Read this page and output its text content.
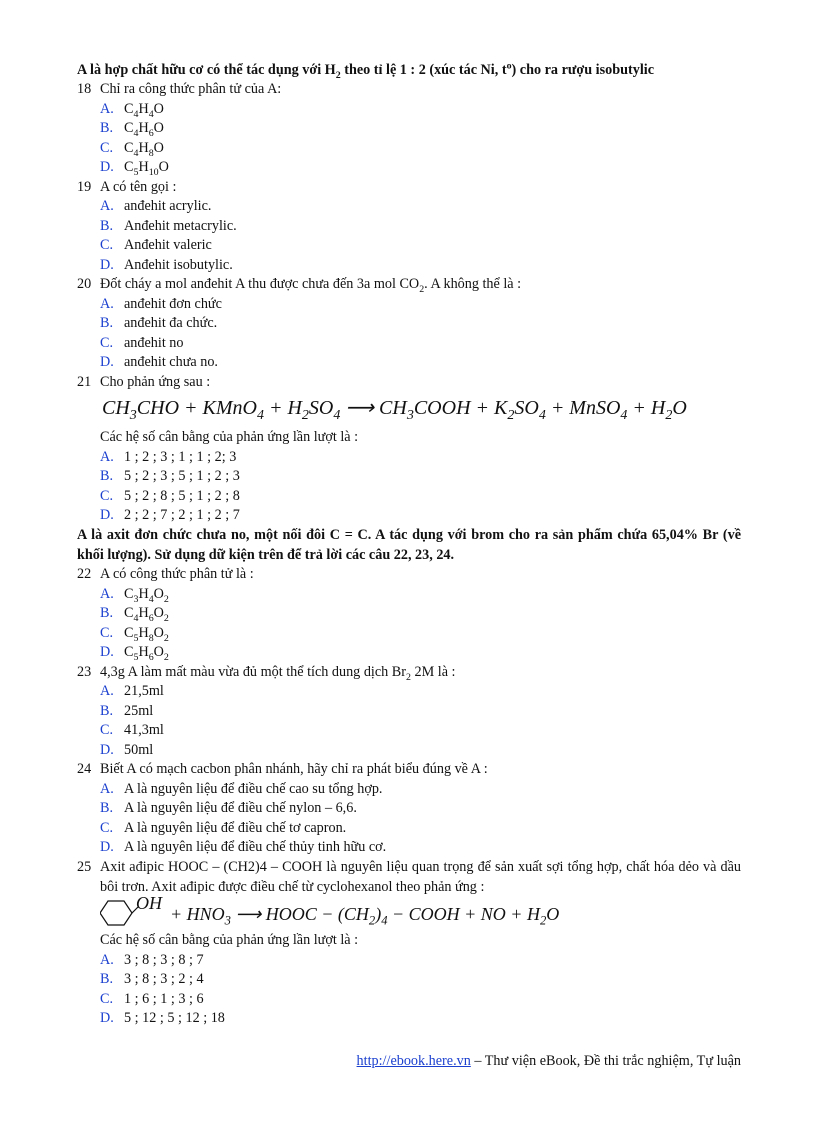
A là hợp chất hữu cơ có thể tác dụng với $H_2$ theo tỉ lệ 1 : 2 (xúc tác Ni, $t^o$) cho ra rượu isobutylic
18 Chỉ ra công thức phân tử của A:
A. $C_4H_4O$
B. $C_4H_6O$
C. $C_4H_8O$
D. $C_5H_{10}O$
19 A có tên gọi :
A. anđehit acrylic.
B. Anđehit metacrylic.
C. Anđehit valeric
D. Anđehit isobutylic.
20 Đốt cháy a mol anđehit A thu được chưa đến 3a mol $CO_2$. A không thể là :
A. anđehit đơn chức
B. anđehit đa chức.
C. anđehit no
D. anđehit chưa no.
21 Cho phản ứng sau :
$CH_3CHO$ + KMnO$_4$ + $H_2SO_4$ ⟶ $CH_3COOH + K_2SO_4$ + MnSO$_4$ + $H_2O$
Các hệ số cân bằng của phản ứng lần lượt là :
A. 1 ; 2 ; 3 ; 1 ; 1 ; 2; 3
B. 5 ; 2 ; 3 ; 5 ; 1 ; 2 ; 3
C. 5 ; 2 ; 8 ; 5 ; 1 ; 2 ; 8
D. 2 ; 2 ; 7 ; 2 ; 1 ; 2 ; 7
A là axit đơn chức chưa no, một nối đôi C = C. A tác dụng với brom cho ra sản phẩm chứa 65,04% Br (về khối lượng). Sử dụng dữ kiện trên để trả lời các câu 22, 23, 24.
22 A có công thức phân tử là :
A. $C_3H_4O_2$
B. $C_4H_6O_2$
C. $C_5H_8O_2$
D. $C_5H_6O_2$
23 4,3g A làm mất màu vừa đủ một thể tích dung dịch $Br_2$ 2M là :
A. 21,5ml
B. 25ml
C. 41,3ml
D. 50ml
24 Biết A có mạch cacbon phân nhánh, hãy chỉ ra phát biểu đúng về A :
A. A là nguyên liệu để điều chế cao su tổng hợp.
B. A là nguyên liệu để điều chế nylon – 6,6.
C. A là nguyên liệu để điều chế tơ capron.
D. A là nguyên liệu để điều chế thủy tinh hữu cơ.
25 Axit ađipic HOOC – (CH2)4 – COOH là nguyên liệu quan trọng để sản xuất sợi tổng hợp, chất hóa dẻo và dầu bôi trơn. Axit ađipic được điều chế từ cyclohexanol theo phản ứng :
OH
+ $HNO_3$ ⟶ HOOC − $(CH_2)_4$ − COOH + NO + $H_2O$
Các hệ số cân bằng của phản ứng lần lượt là :
A. 3 ; 8 ; 3 ; 8 ; 7
B. 3 ; 8 ; 3 ; 2 ; 4
C. 1 ; 6 ; 1 ; 3 ; 6
D. 5 ; 12 ; 5 ; 12 ; 18
http://ebook.here.vn – Thư viện eBook, Đề thi trắc nghiệm, Tự luận
